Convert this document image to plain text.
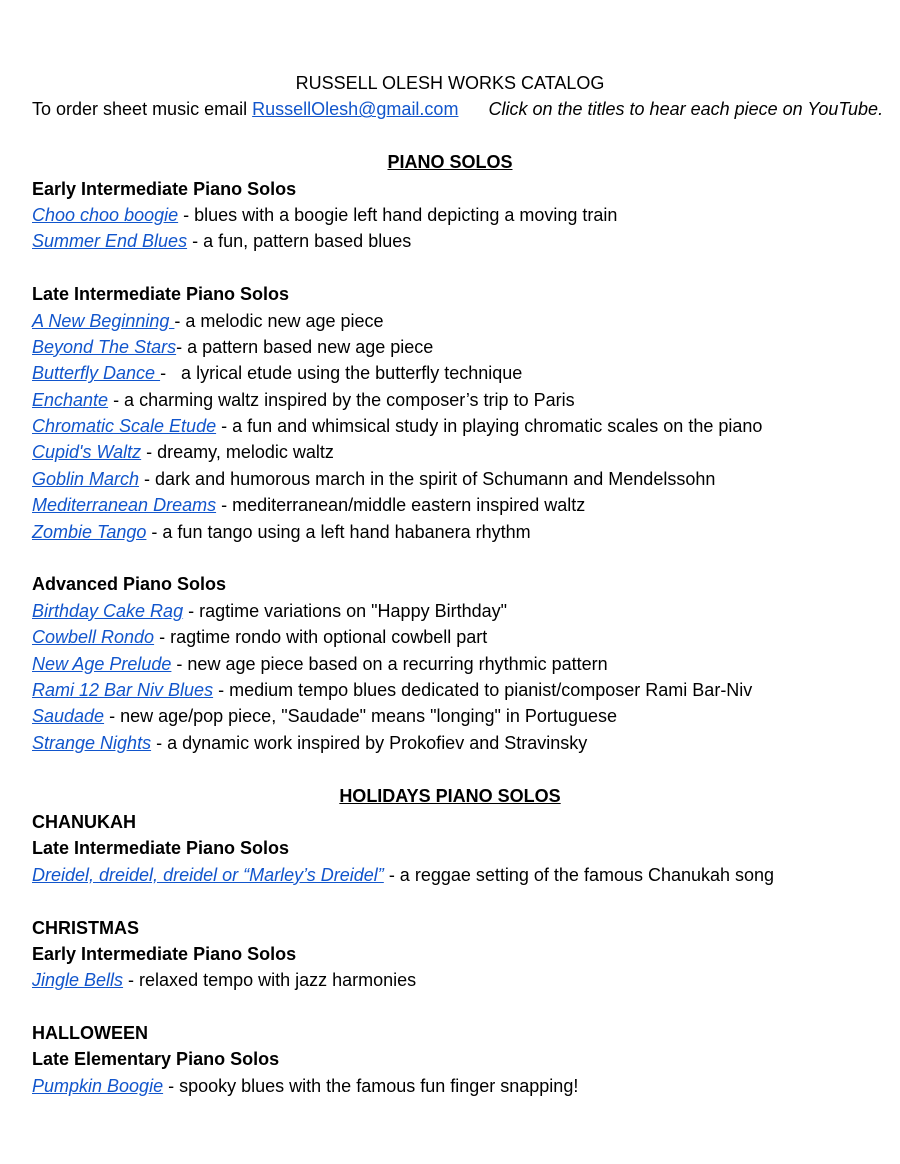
RUSSELL OLESH WORKS CATALOG
To order sheet music email RussellOlesh@gmail.com Click on the titles to hear each piece on YouTube.
PIANO SOLOS
Early Intermediate Piano Solos
Choo choo boogie - blues with a boogie left hand depicting a moving train
Summer End Blues - a fun, pattern based blues
Late Intermediate Piano Solos
A New Beginning - a melodic new age piece
Beyond The Stars- a pattern based new age piece
Butterfly Dance -   a lyrical etude using the butterfly technique
Enchante - a charming waltz inspired by the composer’s trip to Paris
Chromatic Scale Etude - a fun and whimsical study in playing chromatic scales on the piano
Cupid's Waltz - dreamy, melodic waltz
Goblin March - dark and humorous march in the spirit of Schumann and Mendelssohn
Mediterranean Dreams - mediterranean/middle eastern inspired waltz
Zombie Tango - a fun tango using a left hand habanera rhythm
Advanced Piano Solos
Birthday Cake Rag - ragtime variations on "Happy Birthday"
Cowbell Rondo - ragtime rondo with optional cowbell part
New Age Prelude - new age piece based on a recurring rhythmic pattern
Rami 12 Bar Niv Blues - medium tempo blues dedicated to pianist/composer Rami Bar-Niv
Saudade - new age/pop piece, "Saudade" means "longing" in Portuguese
Strange Nights - a dynamic work inspired by Prokofiev and Stravinsky
HOLIDAYS PIANO SOLOS
CHANUKAH
Late Intermediate Piano Solos
Dreidel, dreidel, dreidel or “Marley’s Dreidel” - a reggae setting of the famous Chanukah song
CHRISTMAS
Early Intermediate Piano Solos
Jingle Bells - relaxed tempo with jazz harmonies
HALLOWEEN
Late Elementary Piano Solos
Pumpkin Boogie - spooky blues with the famous fun finger snapping!
